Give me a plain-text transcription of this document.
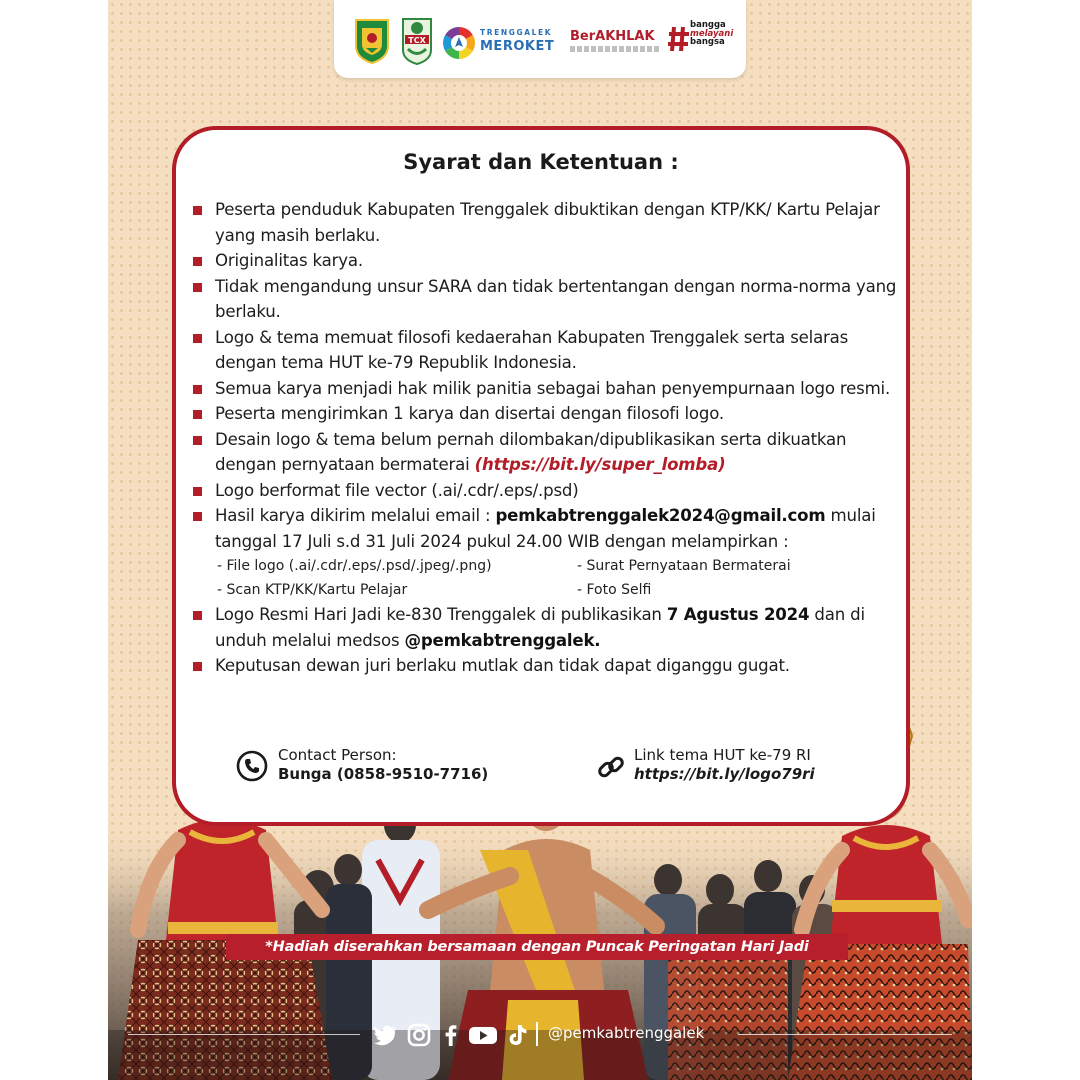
TCX
TRENGGALEK
MEROKET
BerAKHLAK
bangga
melayani
bangsa
Syarat dan Ketentuan :
Peserta penduduk Kabupaten Trenggalek dibuktikan dengan KTP/KK/ Kartu Pelajar yang masih berlaku.
Originalitas karya.
Tidak mengandung unsur SARA dan tidak bertentangan dengan norma-norma yang berlaku.
Logo & tema memuat filosofi kedaerahan Kabupaten Trenggalek serta selaras dengan tema HUT ke-79 Republik Indonesia.
Semua karya menjadi hak milik panitia sebagai bahan penyempurnaan logo resmi.
Peserta mengirimkan 1 karya dan disertai dengan filosofi logo.
Desain logo & tema belum pernah dilombakan/dipublikasikan serta dikuatkan dengan pernyataan bermaterai (https://bit.ly/super_lomba)
Logo berformat file vector (.ai/.cdr/.eps/.psd)
Hasil karya dikirim melalui email : pemkabtrenggalek2024@gmail.com mulai tanggal 17 Juli s.d 31 Juli 2024 pukul 24.00 WIB dengan melampirkan :
- File logo (.ai/.cdr/.eps/.psd/.jpeg/.png)	- Surat Pernyataan Bermaterai
- Scan KTP/KK/Kartu Pelajar	- Foto Selfi
Logo Resmi Hari Jadi ke-830 Trenggalek di publikasikan 7 Agustus 2024 dan di unduh melalui medsos @pemkabtrenggalek.
Keputusan dewan juri berlaku mutlak dan tidak dapat diganggu gugat.
Contact Person:
Bunga (0858-9510-7716)
Link tema HUT ke-79 RI
https://bit.ly/logo79ri
*Hadiah diserahkan bersamaan dengan Puncak Peringatan Hari Jadi
@pemkabtrenggalek
